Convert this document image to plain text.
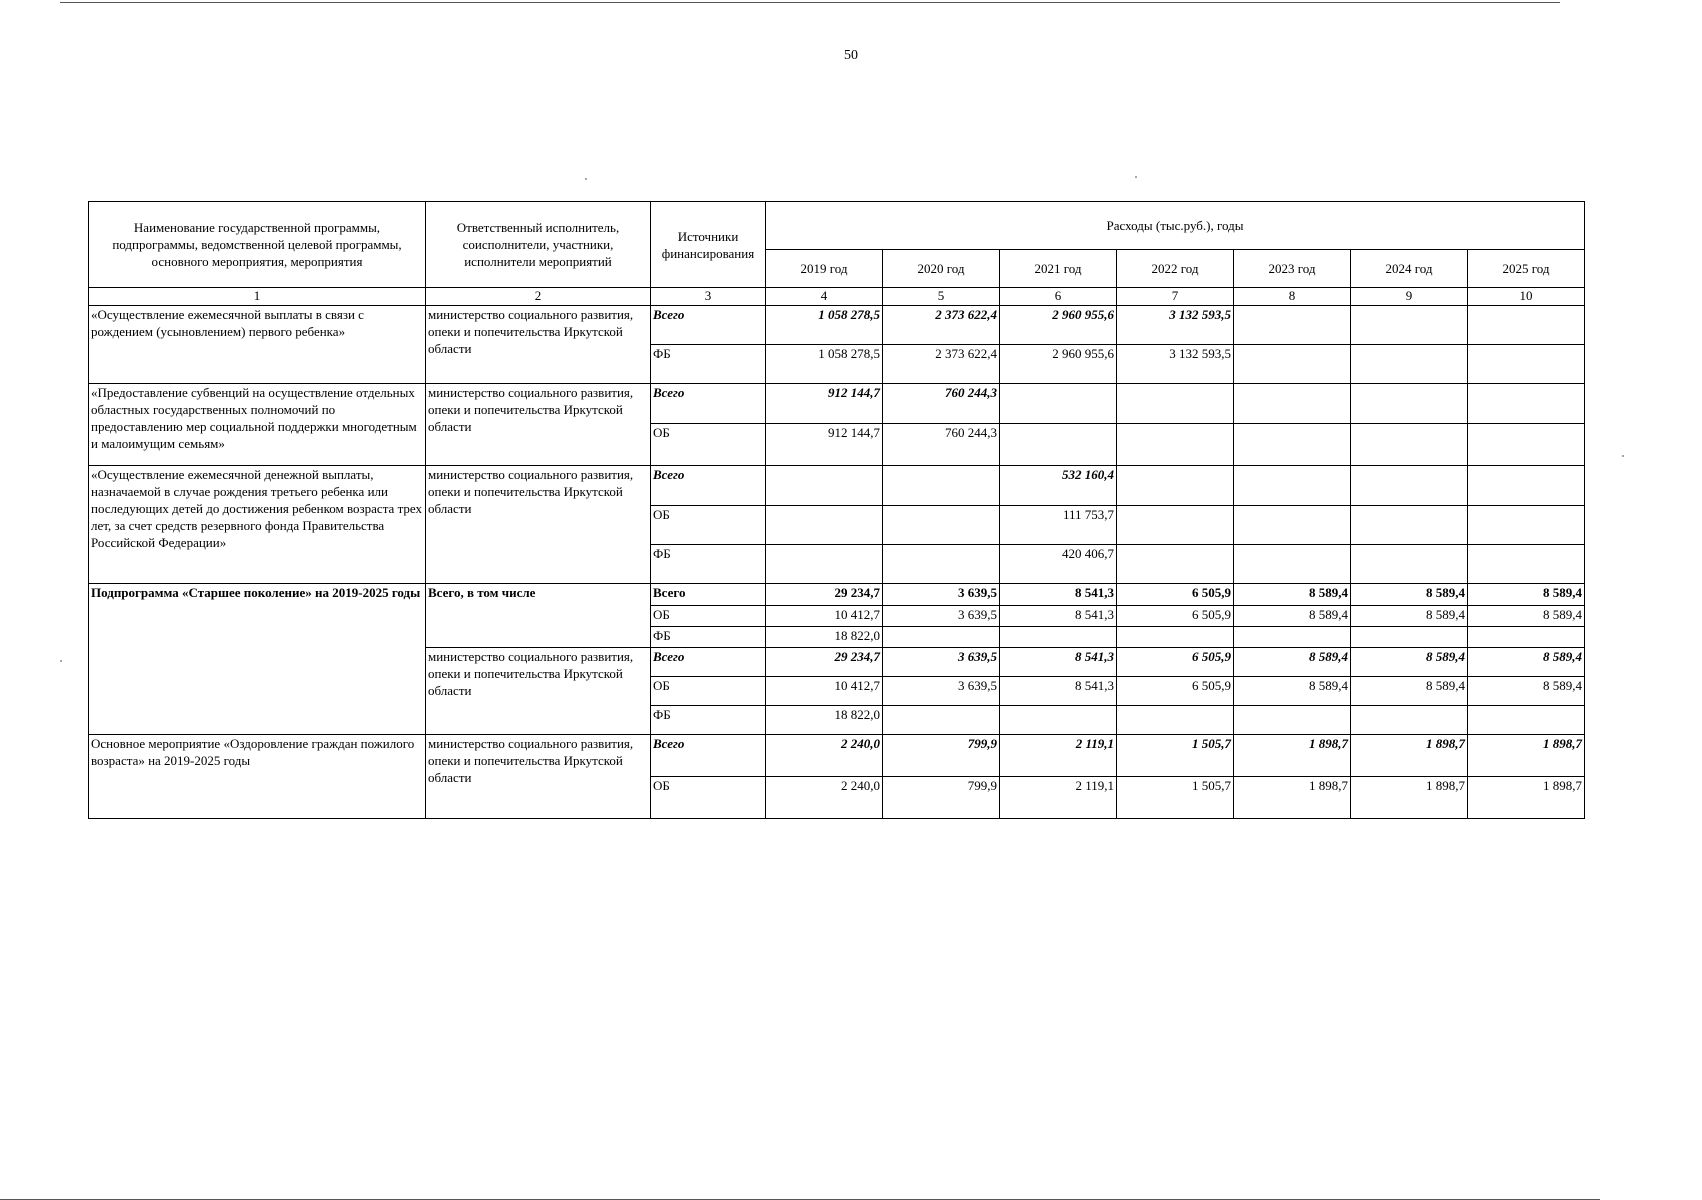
50
Наименование государственной программы, подпрограммы, ведомственной целевой программы, основного мероприятия, мероприятия	Ответственный исполнитель, соисполнители, участники, исполнители мероприятий	Источники финансирования	Расходы (тыс.руб.), годы						
			2019 год	2020 год	2021 год	2022 год	2023 год	2024 год	2025 год
1	2	3	4	5	6	7	8	9	10
«Осуществление ежемесячной выплаты в связи с рождением (усыновлением) первого ребенка»	министерство социального развития, опеки и попечительства Иркутской области	Всего	1 058 278,5	2 373 622,4	2 960 955,6	3 132 593,5			
		ФБ	1 058 278,5	2 373 622,4	2 960 955,6	3 132 593,5			
«Предоставление субвенций на осуществление отдельных областных государственных полномочий по предоставлению мер социальной поддержки многодетным и малоимущим семьям»	министерство социального развития, опеки и попечительства Иркутской области	Всего	912 144,7	760 244,3					
		ОБ	912 144,7	760 244,3					
«Осуществление ежемесячной денежной выплаты, назначаемой в случае рождения третьего ребенка или последующих детей до достижения ребенком возраста трех лет, за счет средств резервного фонда Правительства Российской Федерации»	министерство социального развития, опеки и попечительства Иркутской области	Всего			532 160,4				
		ОБ			111 753,7				
		ФБ			420 406,7				
Подпрограмма «Старшее поколение» на 2019-2025 годы	Всего, в том числе	Всего	29 234,7	3 639,5	8 541,3	6 505,9	8 589,4	8 589,4	8 589,4
		ОБ	10 412,7	3 639,5	8 541,3	6 505,9	8 589,4	8 589,4	8 589,4
		ФБ	18 822,0						
	министерство социального развития, опеки и попечительства Иркутской области	Всего	29 234,7	3 639,5	8 541,3	6 505,9	8 589,4	8 589,4	8 589,4
		ОБ	10 412,7	3 639,5	8 541,3	6 505,9	8 589,4	8 589,4	8 589,4
		ФБ	18 822,0						
Основное мероприятие «Оздоровление граждан пожилого возраста» на 2019-2025 годы	министерство социального развития, опеки и попечительства Иркутской области	Всего	2 240,0	799,9	2 119,1	1 505,7	1 898,7	1 898,7	1 898,7
		ОБ	2 240,0	799,9	2 119,1	1 505,7	1 898,7	1 898,7	1 898,7
